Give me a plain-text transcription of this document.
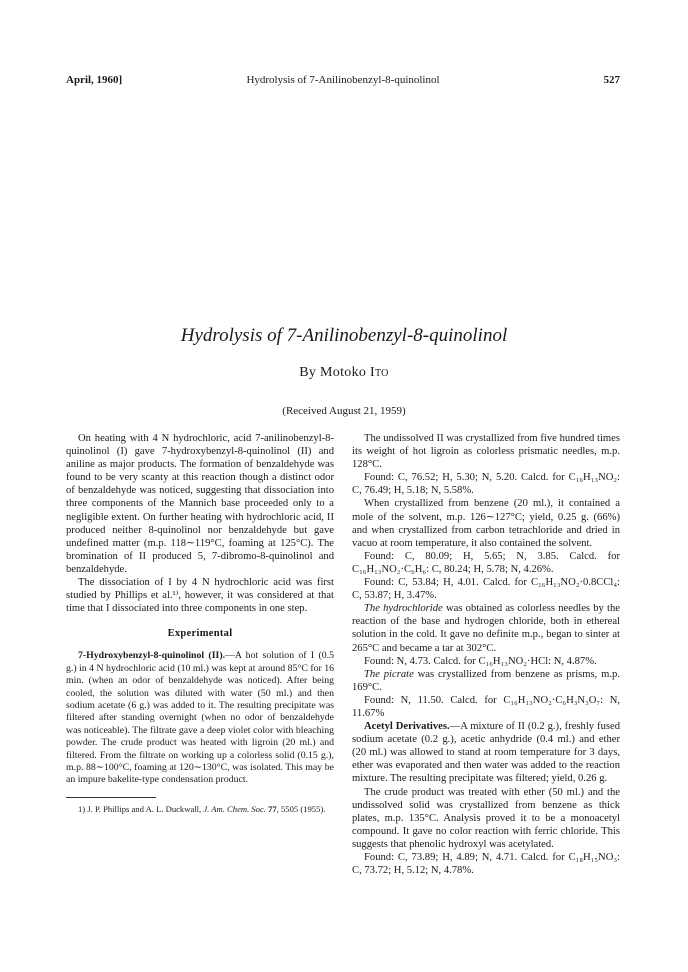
April, 1960]	Hydrolysis of 7-Anilinobenzyl-8-quinolinol	527
Hydrolysis of 7-Anilinobenzyl-8-quinolinol
By Motoko Ito
(Received August 21, 1959)

On heating with 4 N hydrochloric, acid 7-anilinobenzyl-8-quinolinol (I) gave 7-hydroxybenzyl-8-quinolinol (II) and aniline as major products. The formation of benzaldehyde was found to be very scanty at this reaction though a distinct odor of benzaldehyde was noticed, suggesting that dissociation into three components of the Mannich base proceeded only to a negligible extent. On further heating with hydrochloric acid, II produced neither 8-quinolinol nor benzaldehyde but gave undefined matter (m.p. 118∼119°C, foaming at 125°C). The bromination of II produced 5, 7-dibromo-8-quinolinol and benzaldehyde.

The dissociation of I by 4 N hydrochloric acid was first studied by Phillips et al.¹⁾, however, it was considered at that time that I dissociated into three components in one step.

Experimental

7-Hydroxybenzyl-8-quinolinol (II).—A hot solution of I (0.5 g.) in 4 N hydrochloric acid (10 ml.) was kept at around 85°C for 16 min. (when an odor of benzaldehyde was noticed). After being cooled, the solution was diluted with water (50 ml.) and then sodium acetate (6 g.) was added to it. The resulting precipitate was filtered after standing overnight (when no odor of benzaldehyde was noticeable). The filtrate gave a deep violet color with bleaching powder. The crude product was heated with ligroin (20 ml.) and filtered. From the filtrate on working up a colorless solid (0.15 g.), m.p. 88∼100°C, foaming at 120∼130°C, was isolated. This may be an impure bakelite-type condensation product.

1) J. P. Phillips and A. L. Duckwall, J. Am. Chem. Soc. 77, 5505 (1955).

The undissolved II was crystallized from five hundred times its weight of hot ligroin as colorless prismatic needles, m.p. 128°C.

Found: C, 76.52; H, 5.30; N, 5.20. Calcd. for C₁₆H₁₃NO₂: C, 76.49; H, 5.18; N, 5.58%.

When crystallized from benzene (20 ml.), it contained a mole of the solvent, m.p. 126∼127°C; yield, 0.25 g. (66%) and when crystallized from carbon tetrachloride and dried in vacuo at room temperature, it also contained the solvent.

Found: C, 80.09; H, 5.65; N, 3.85. Calcd. for C₁₆H₁₃NO₂·C₆H₆: C, 80.24; H, 5.78; N, 4.26%.

Found: C, 53.84; H, 4.01. Calcd. for C₁₆H₁₃NO₂·0.8CCl₄: C, 53.87; H, 3.47%.

The hydrochloride was obtained as colorless needles by the reaction of the base and hydrogen chloride, both in ethereal solution in the cold. It gave no definite m.p., began to sinter at 265°C and became a tar at 302°C.

Found: N, 4.73. Calcd. for C₁₆H₁₃NO₂·HCl: N, 4.87%.

The picrate was crystallized from benzene as prisms, m.p. 169°C.

Found: N, 11.50. Calcd. for C₁₆H₁₃NO₂·C₆H₃N₃O₇: N, 11.67%

Acetyl Derivatives.—A mixture of II (0.2 g.), freshly fused sodium acetate (0.2 g.), acetic anhydride (0.4 ml.) and ether (20 ml.) was allowed to stand at room temperature for 3 days, ether was evaporated and then water was added to the reaction mixture. The resulting precipitate was filtered; yield, 0.26 g.

The crude product was treated with ether (50 ml.) and the undissolved solid was crystallized from benzene as thick plates, m.p. 135°C. Analysis proved it to be a monoacetyl compound. It gave no color reaction with ferric chloride. This suggests that phenolic hydroxyl was acetylated.

Found: C, 73.89; H, 4.89; N, 4.71. Calcd. for C₁₈H₁₅NO₃: C, 73.72; H, 5.12; N, 4.78%.
